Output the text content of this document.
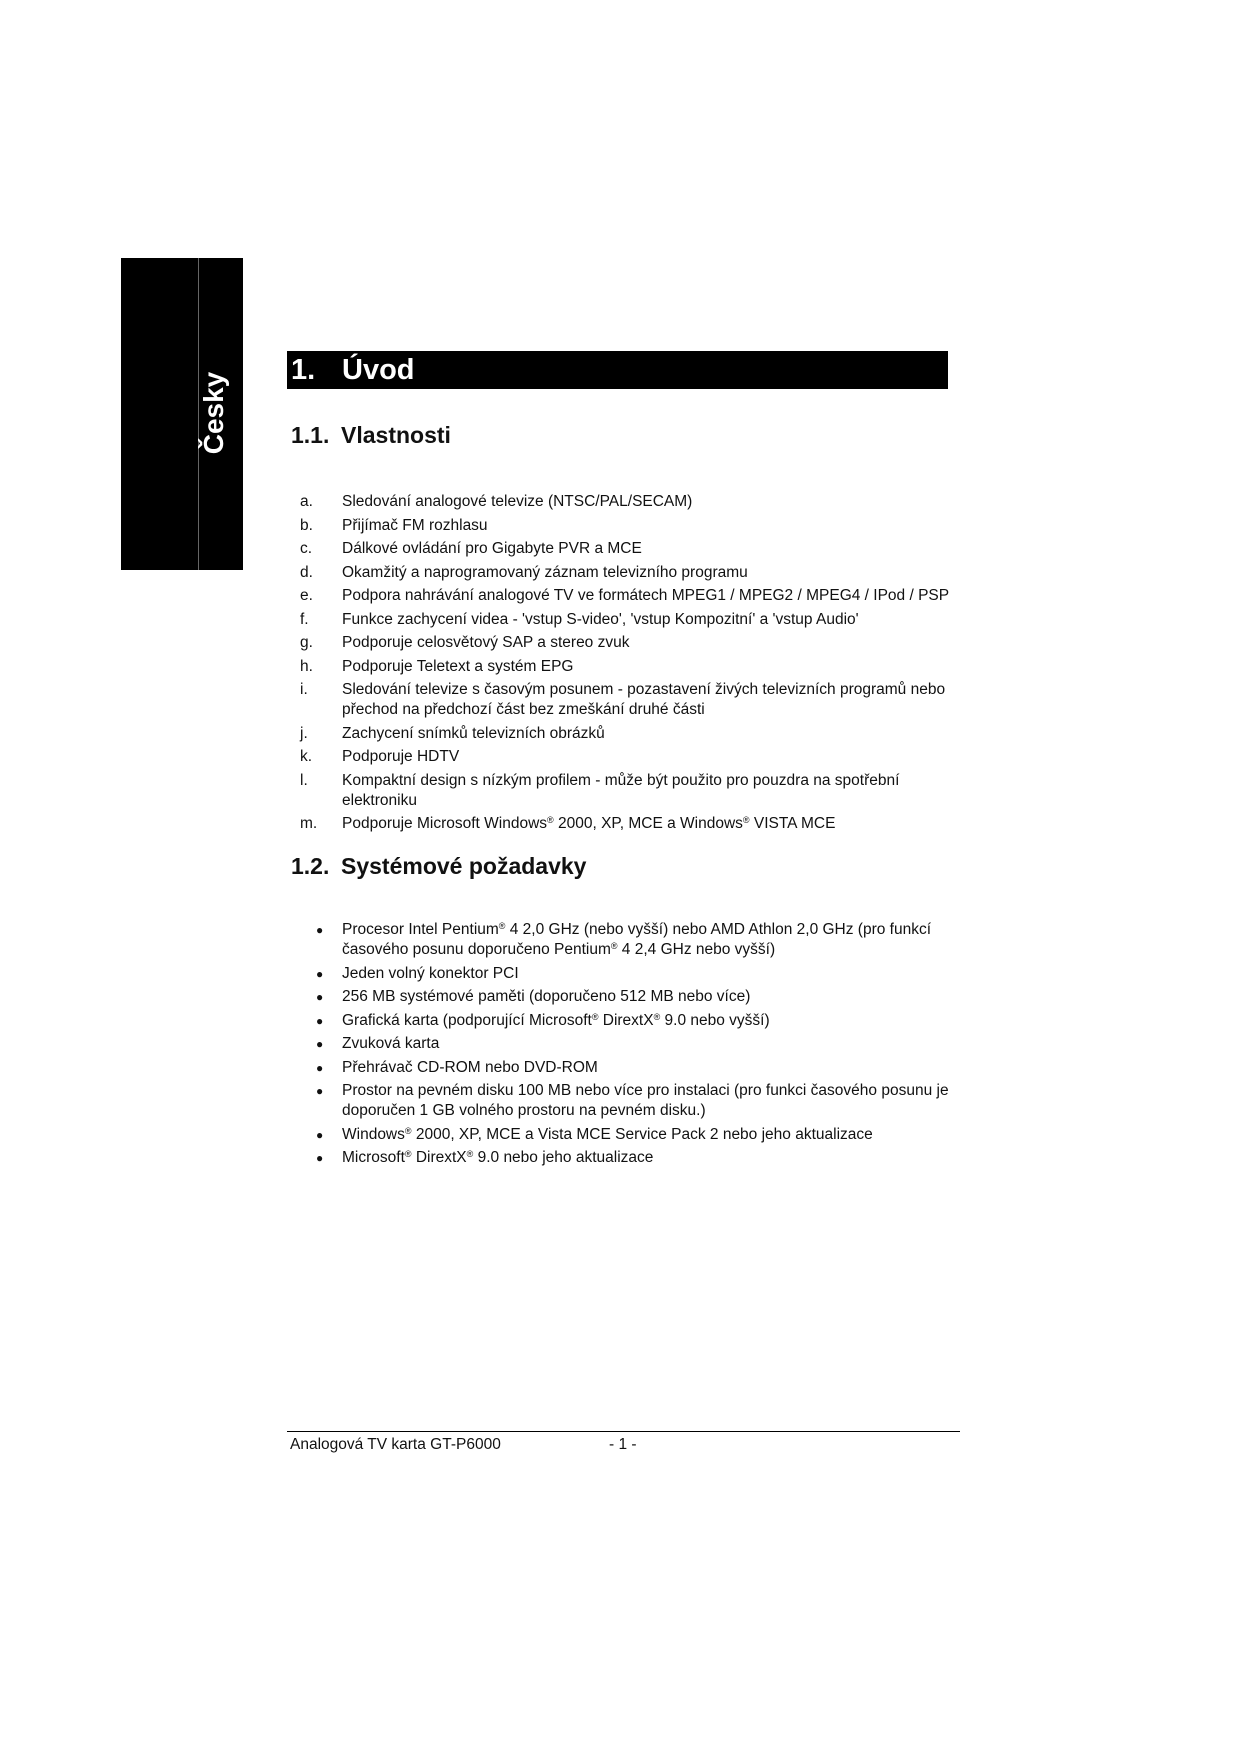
Česky
1. Úvod
1.1. Vlastnosti
a.	Sledování analogové televize (NTSC/PAL/SECAM)
b.	Přijímač FM rozhlasu
c.	Dálkové ovládání pro Gigabyte PVR a MCE
d.	Okamžitý a naprogramovaný záznam televizního programu
e.	Podpora nahrávání analogové TV ve formátech MPEG1 / MPEG2 / MPEG4 / IPod / PSP
f.	Funkce zachycení videa - 'vstup S-video', 'vstup Kompozitní' a 'vstup Audio'
g.	Podporuje celosvětový SAP a stereo zvuk
h.	Podporuje Teletext a systém EPG
i.	Sledování televize s časovým posunem - pozastavení živých televizních programů nebo přechod na předchozí část bez zmeškání druhé části
j.	Zachycení snímků televizních obrázků
k.	Podporuje HDTV
l.	Kompaktní design s nízkým profilem - může být použito pro pouzdra na spotřební elektroniku
m.	Podporuje Microsoft Windows® 2000, XP, MCE a Windows® VISTA MCE
1.2. Systémové požadavky
●	Procesor Intel Pentium® 4 2,0 GHz (nebo vyšší) nebo AMD Athlon 2,0 GHz (pro funkcí časového posunu doporučeno Pentium® 4 2,4 GHz nebo vyšší)
●	Jeden volný konektor PCI
●	256 MB systémové paměti (doporučeno 512 MB nebo více)
●	Grafická karta (podporující Microsoft® DirextX® 9.0 nebo vyšší)
●	Zvuková karta
●	Přehrávač CD-ROM nebo DVD-ROM
●	Prostor na pevném disku 100 MB nebo více pro instalaci (pro funkci časového posunu je doporučen 1 GB volného prostoru na pevném disku.)
●	Windows® 2000, XP, MCE a Vista MCE Service Pack 2 nebo jeho aktualizace
●	Microsoft® DirextX® 9.0 nebo jeho aktualizace
Analogová TV karta GT-P6000	- 1 -
